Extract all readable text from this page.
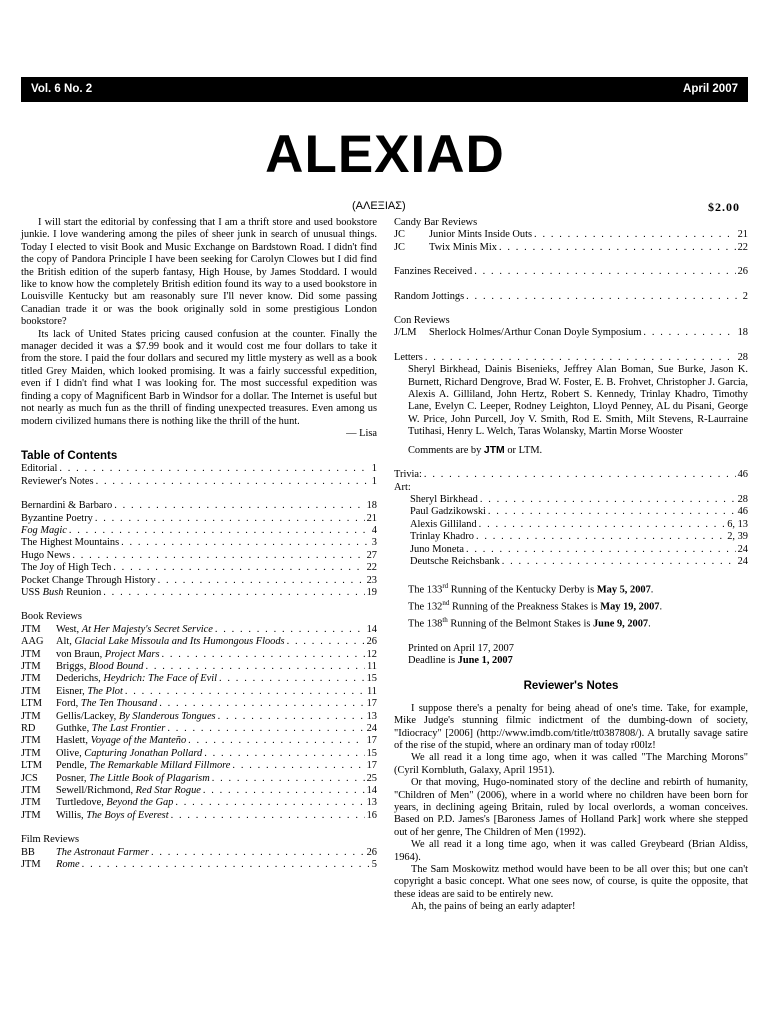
Vol. 6 No. 2	April 2007
ALEXIAD
(ΑΛΕΞΙΑΣ)	$2.00

I will start the editorial by confessing that I am a thrift store and used bookstore junkie. I love wandering among the piles of sheer junk in search of unusual things. Today I elected to visit Book and Music Exchange on Bardstown Road. I didn't find the copy of Pandora Principle I have been seeking for Carolyn Clowes but I did find the British edition of the superb fantasy, High House, by James Stoddard. I would like to know how the completely British edition found its way to a used bookstore in Louisville Kentucky but am reasonably sure I'll never know. Did some passing Canadian trade it or was the book originally sold in some prestigious London bookstore?

Its lack of United States pricing caused confusion at the counter. Finally the manager decided it was a $7.99 book and it would cost me four dollars to take it from the store. I paid the four dollars and secured my little mystery as well as a book titled Grey Maiden, which looked promising. It was a fairly successful expedition, even if I didn't find what I was looking for. The most successful expedition was finding a copy of Magnificent Barb in Windsor for a dollar. The Internet is useful but not nearly as much fun as the thrill of finding unexpected treasures. Even among us modern civilized humans there is nothing like the thrill of the hunt.

— Lisa

Table of Contents
Editorial . . .	1
Reviewer's Notes . . .	1
Bernardini & Barbaro . . .	18
Byzantine Poetry . . .	21
Fog Magic . . .	4
The Highest Mountains . . .	3
Hugo News . . .	27
The Joy of High Tech . . .	22
Pocket Change Through History . . .	23
USS Bush Reunion . . .	19
Book Reviews
JTM	West, At Her Majesty's Secret Service . . .	14
AAG	Alt, Glacial Lake Missoula and Its Humongous Floods . . .	26
JTM	von Braun, Project Mars . . .	12
JTM	Briggs, Blood Bound . . .	11
JTM	Dederichs, Heydrich: The Face of Evil . . .	15
JTM	Eisner, The Plot . . .	11
LTM	Ford, The Ten Thousand . . .	17
JTM	Gellis/Lackey, By Slanderous Tongues . . .	13
RD	Guthke, The Last Frontier . . .	24
JTM	Haslett, Voyage of the Manteño . . .	17
JTM	Olive, Capturing Jonathan Pollard . . .	15
LTM	Pendle, The Remarkable Millard Fillmore . . .	17
JCS	Posner, The Little Book of Plagarism . . .	25
JTM	Sewell/Richmond, Red Star Rogue . . .	14
JTM	Turtledove, Beyond the Gap . . .	13
JTM	Willis, The Boys of Everest . . .	16
Film Reviews
BB	The Astronaut Farmer . . .	26
JTM	Rome . . .	5
Candy Bar Reviews
JC	Junior Mints Inside Outs . . .	21
JC	Twix Minis Mix . . .	22
Fanzines Received . . .	26
Random Jottings . . .	2
Con Reviews
J/LM	Sherlock Holmes/Arthur Conan Doyle Symposium . . .	18
Letters . . .	28

Sheryl Birkhead, Dainis Bisenieks, Jeffrey Alan Boman, Sue Burke, Jason K. Burnett, Richard Dengrove, Brad W. Foster, E. B. Frohvet, Christopher J. Garcia, Alexis A. Gilliland, John Hertz, Robert S. Kennedy, Trinlay Khadro, Timothy Lane, Evelyn C. Leeper, Rodney Leighton, Lloyd Penney, AL du Pisani, George W. Price, John Purcell, Joy V. Smith, Rod E. Smith, Milt Stevens, R-Laurraine Tutihasi, Henry L. Welch, Taras Wolansky, Martin Morse Wooster

Comments are by JTM or LTM.

Trivia: . . .	46
Art:
Sheryl Birkhead . . .	28
Paul Gadzikowski . . .	46
Alexis Gilliland . . .	6, 13
Trinlay Khadro . . .	2, 39
Juno Moneta . . .	24
Deutsche Reichsbank . . .	24

The 133rd Running of the Kentucky Derby is May 5, 2007.

The 132nd Running of the Preakness Stakes is May 19, 2007.

The 138th Running of the Belmont Stakes is June 9, 2007.

Printed on April 17, 2007

Deadline is June 1, 2007

Reviewer's Notes

I suppose there's a penalty for being ahead of one's time. Take, for example, Mike Judge's stunning filmic indictment of the dumbing-down of society, "Idiocracy" [2006] (http://www.imdb.com/title/tt0387808/). A brutally savage satire of the rise of the stupid, where an ordinary man of today r00lz!

We all read it a long time ago, when it was called "The Marching Morons" (Cyril Kornbluth, Galaxy, April 1951).

Or that moving, Hugo-nominated story of the decline and rebirth of humanity, "Children of Men" (2006), where in a world where no children have been born for years, in declining ageing Britain, ruled by local overlords, a woman conceives. Based on P.D. James's [Baroness James of Holland Park] work where she stepped out of her genre, The Children of Men (1992).

We all read it a long time ago, when it was called Greybeard (Brian Aldiss, 1964).

The Sam Moskowitz method would have been to be all over this; but one can't copyright a basic concept. What one sees now, of course, is quite the opposite, that these ideas are said to be entirely new.

Ah, the pains of being an early adapter!
